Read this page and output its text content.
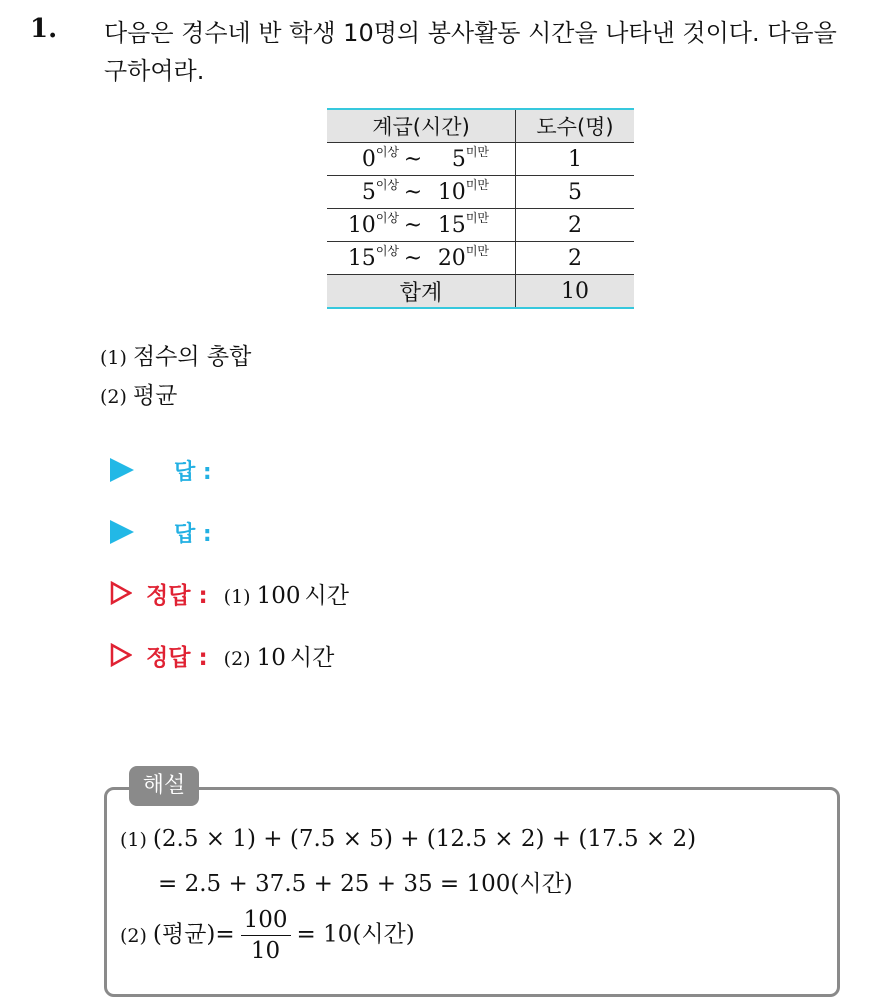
1. 다음은 경수네 반 학생 10명의 봉사활동 시간을 나타낸 것이다. 다음을 구하여라.
계급(시간)	도수(명)
$0^{이상}$ ~ $5^{미만}$	1
$5^{이상}$ ~ $10^{미만}$	5
$10^{이상}$ ~ $15^{미만}$	2
$15^{이상}$ ~ $20^{미만}$	2
합계	10
(1) 점수의 총합
(2) 평균
답 :
답 :
정답 : (1) 100 시간
정답 : (2) 10 시간
해설
(1) (2.5 × 1) + (7.5 × 5) + (12.5 × 2) + (17.5 × 2)
= 2.5 + 37.5 + 25 + 35 = 100(시간)
(2) (평균)= $\frac{100}{10} = 10$(시간)
